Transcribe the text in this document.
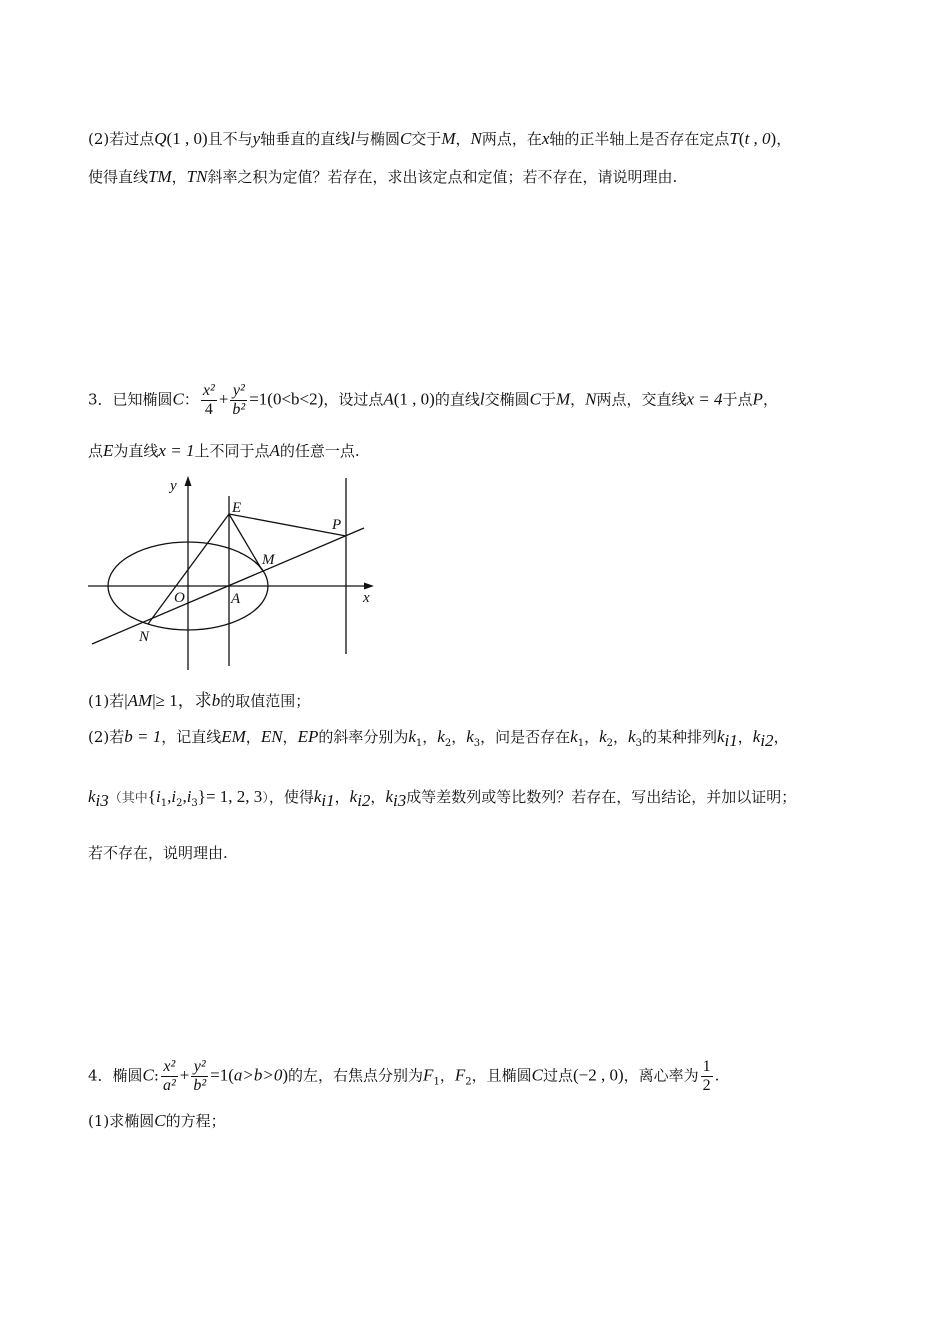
(2)若过点Q(1 , 0)且不与y轴垂直的直线l与椭圆C交于M，N两点，在x轴的正半轴上是否存在定点T(t , 0)，
使得直线TM，TN斜率之积为定值？若存在，求出该定点和定值；若不存在，请说明理由.
3．已知椭圆C： $\frac{\text{x²}}{4} + \frac{\text{y²}}{\text{b²}} =1(0<b<2)$，设过点A(1 , 0)的直线l交椭圆C于M，N两点，交直线x = 4于点P，
点E为直线x = 1上不同于点A的任意一点.
y
x
E
P
M
O	A
N
(1)若|AM|≥ 1，求b的取值范围；
(2)若b = 1，记直线EM，EN，EP的斜率分别为$k_1$，$k_2$，$k_3$，问是否存在$k_1$，$k_2$，$k_3$的某种排列$k_{i1}$，$k_{i2}$，
$k_{i3}$（其中$\{i_1,i_2,i_3\}= 1$, 2, 3），使得$k_{i1}$，$k_{i2}$，$k_{i3}$成等差数列或等比数列？若存在，写出结论，并加以证明；
若不存在，说明理由.
4．椭圆C: $\frac{\text{x²}}{\text{a²}} + \frac{\text{y²}}{\text{b²}} =1(a>b>0)$的左，右焦点分别为$F_1$，$F_2$，且椭圆C过点(−2 , 0)，离心率为 $\frac{1}{2}$ .
(1)求椭圆C的方程；
